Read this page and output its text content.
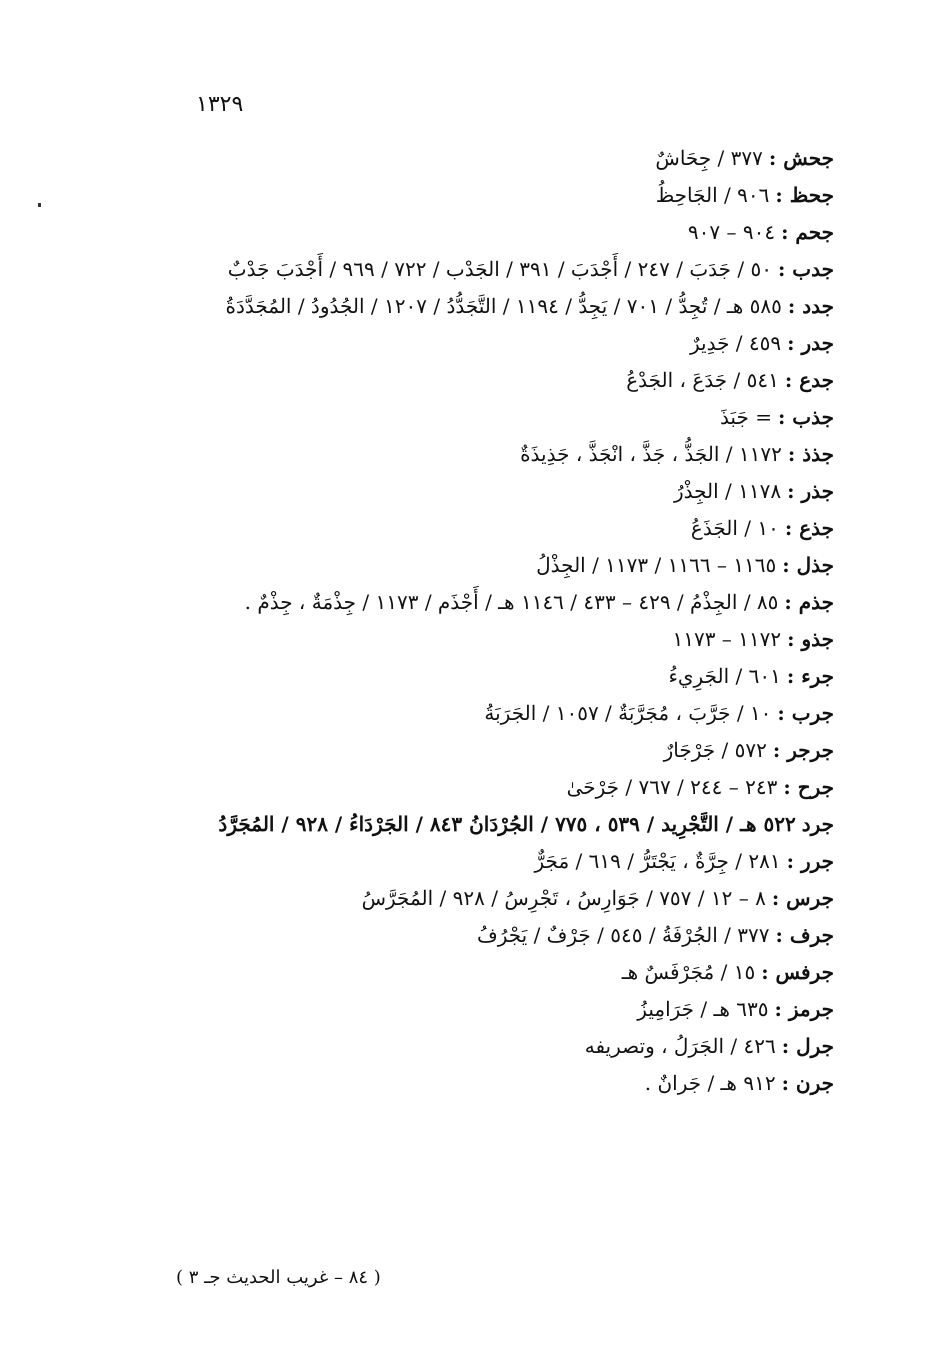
١٣٢٩

جحش :٣٧٧ / جِحَاشٌ

جحظ :٩٠٦ / الجَاحِظُ

جحم :٩٠٤ – ٩٠٧

جدب :٥٠ / جَدَبَ / ٢٤٧ / أَجْدَبَ / ٣٩١ / الجَدْب / ٧٢٢ / ٩٦٩ / أَجْدَبَ جَدْبٌ

جدد :٥٨٥ هـ / تُجِدُّ / ٧٠١ / يَجِدُّ / ١١٩٤ / التَّجَدُّدُ / ١٢٠٧ / الجُدُودُ / المُجَدَّدَةُ

جدر :٤٥٩ / جَدِيرٌ

جدع :٥٤١ / جَدَعَ ، الجَدْعُ

جذب := جَبَذَ

جذذ :١١٧٢ / الجَذُّ ، جَذَّ ، انْجَذَّ ، جَذِيذَةٌ

جذر :١١٧٨ / الجِذْرُ

جذع :١٠ / الجَذَعُ

جذل :١١٦٥ – ١١٦٦ / ١١٧٣ / الجِذْلُ

جذم :٨٥ / الجِذْمُ / ٤٢٩ – ٤٣٣ / ١١٤٦ هـ / أَجْذَم / ١١٧٣ / جِذْمَةٌ ، جِذْمٌ .

جذو :١١٧٢ – ١١٧٣

جرء :٦٠١ / الجَرِيءُ

جرب :١٠ / جَرَّبَ ، مُجَرَّبَةٌ / ١٠٥٧ / الجَرَبَةُ

جرجر :٥٧٢ / جَرْجَارٌ

جرح :٢٤٣ – ٢٤٤ / ٧٦٧ / جَرْحَىٰ

جرد٥٢٢ هـ / التَّجْرِيد / ٥٣٩ ، ٧٧٥ / الجُرْدَانُ ٨٤٣ / الجَرْدَاءُ / ٩٢٨ / المُجَرَّدُ

جرر :٢٨١ / جِرَّةٌ ، يَجْتَرُّ / ٦١٩ / مَجَرٌّ

جرس :٨ – ١٢ / ٧٥٧ / جَوَارِسُ ، تَجْرِسُ / ٩٢٨ / المُجَرَّسُ

جرف :٣٧٧ / الجُرْفَةُ / ٥٤٥ / جَرْفٌ / يَجْرُفُ

جرفس :١٥ / مُجَرْفَسٌ هـ

جرمز :٦٣٥ هـ / جَرَامِيزُ

جرل :٤٢٦ / الجَرَلُ ، وتصريفه

جرن :٩١٢ هـ / جَرانٌ .

( ٨٤ – غريب الحديث جـ ٣ )
